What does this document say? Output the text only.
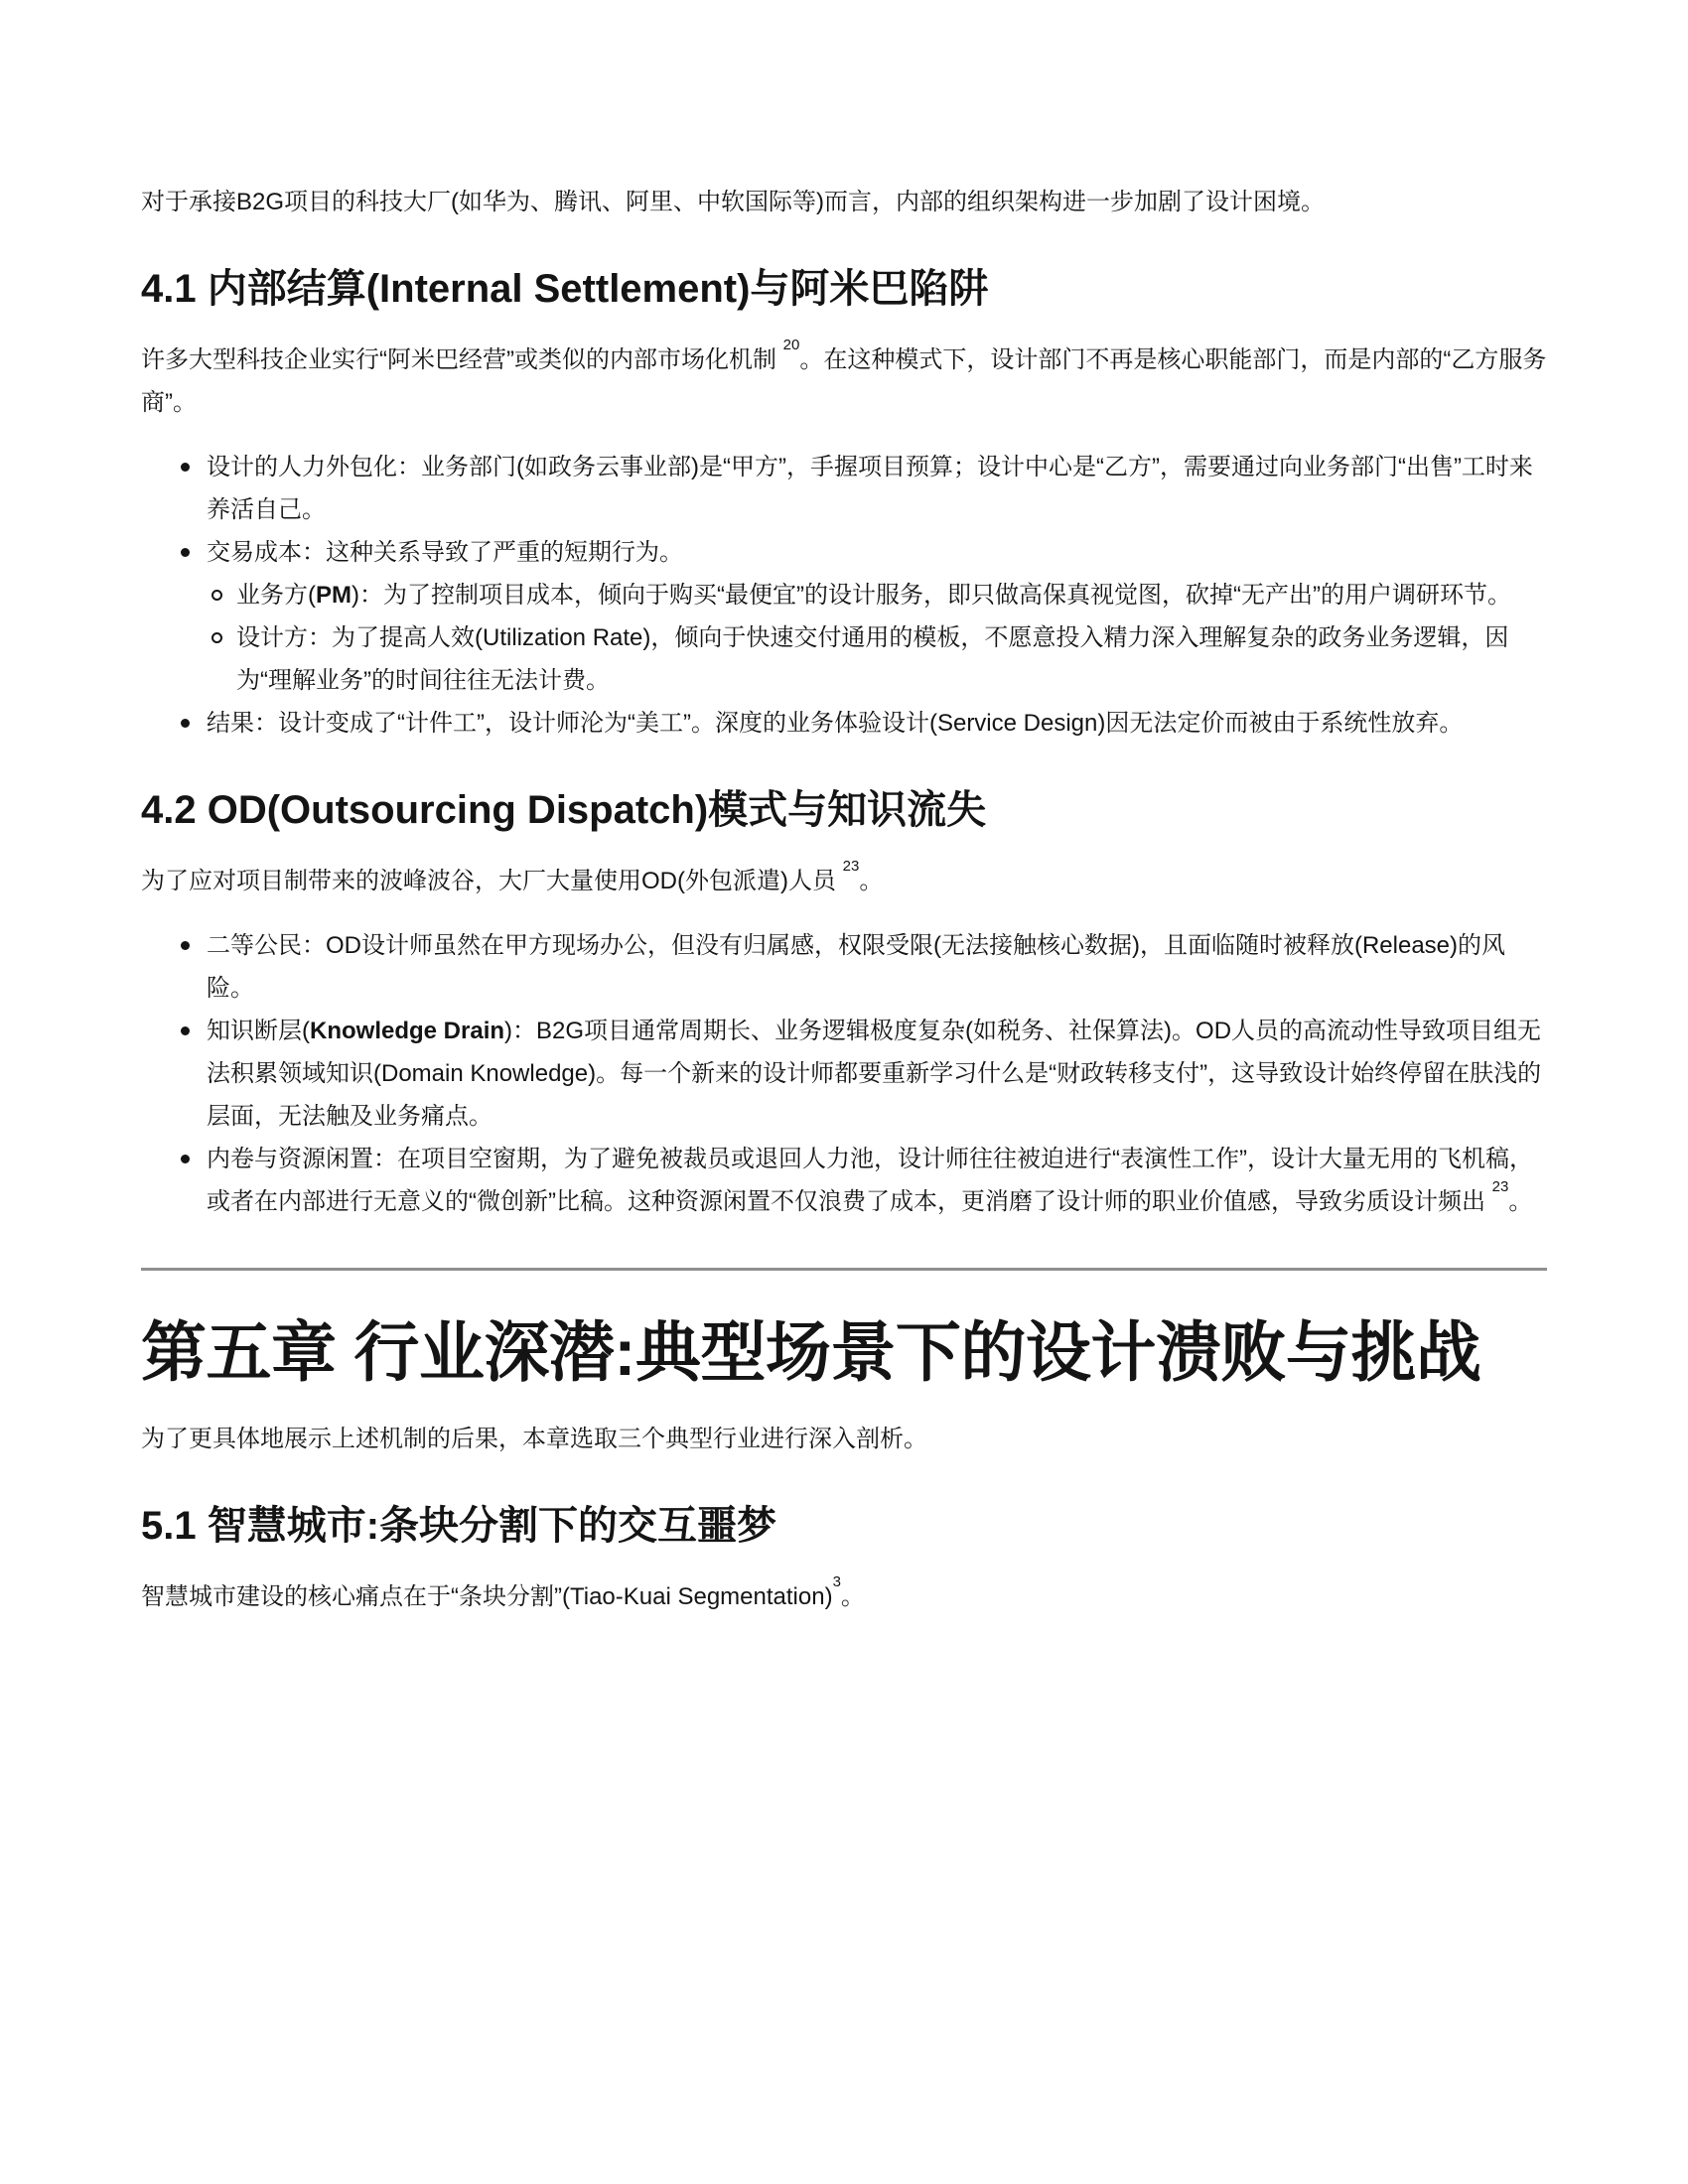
对于承接B2G项目的科技大厂(如华为、腾讯、阿里、中软国际等)而言，内部的组织架构进一步加剧了设计困境。

4.1 内部结算(Internal Settlement)与阿米巴陷阱

许多大型科技企业实行“阿米巴经营”或类似的内部市场化机制 $^{20}$。在这种模式下，设计部门不再是核心职能部门，而是内部的“乙方服务商”。

设计的人力外包化：业务部门(如政务云事业部)是“甲方”，手握项目预算；设计中心是“乙方”，需要通过向业务部门“出售”工时来养活自己。
交易成本：这种关系导致了严重的短期行为。
业务方(PM)：为了控制项目成本，倾向于购买“最便宜”的设计服务，即只做高保真视觉图，砍掉“无产出”的用户调研环节。
设计方：为了提高人效(Utilization Rate)，倾向于快速交付通用的模板，不愿意投入精力深入理解复杂的政务业务逻辑，因为“理解业务”的时间往往无法计费。
结果：设计变成了“计件工”，设计师沦为“美工”。深度的业务体验设计(Service Design)因无法定价而被由于系统性放弃。
4.2 OD(Outsourcing Dispatch)模式与知识流失

为了应对项目制带来的波峰波谷，大厂大量使用OD(外包派遣)人员 $^{23}$。

二等公民：OD设计师虽然在甲方现场办公，但没有归属感，权限受限(无法接触核心数据)，且面临随时被释放(Release)的风险。
知识断层(Knowledge Drain)：B2G项目通常周期长、业务逻辑极度复杂(如税务、社保算法)。OD人员的高流动性导致项目组无法积累领域知识(Domain Knowledge)。每一个新来的设计师都要重新学习什么是“财政转移支付”，这导致设计始终停留在肤浅的层面，无法触及业务痛点。
内卷与资源闲置：在项目空窗期，为了避免被裁员或退回人力池，设计师往往被迫进行“表演性工作”，设计大量无用的飞机稿，或者在内部进行无意义的“微创新”比稿。这种资源闲置不仅浪费了成本，更消磨了设计师的职业价值感，导致劣质设计频出 $^{23}$。
第五章 行业深潜:典型场景下的设计溃败与挑战

为了更具体地展示上述机制的后果，本章选取三个典型行业进行深入剖析。

5.1 智慧城市:条块分割下的交互噩梦

智慧城市建设的核心痛点在于“条块分割”(Tiao-Kuai Segmentation)$^3$。
